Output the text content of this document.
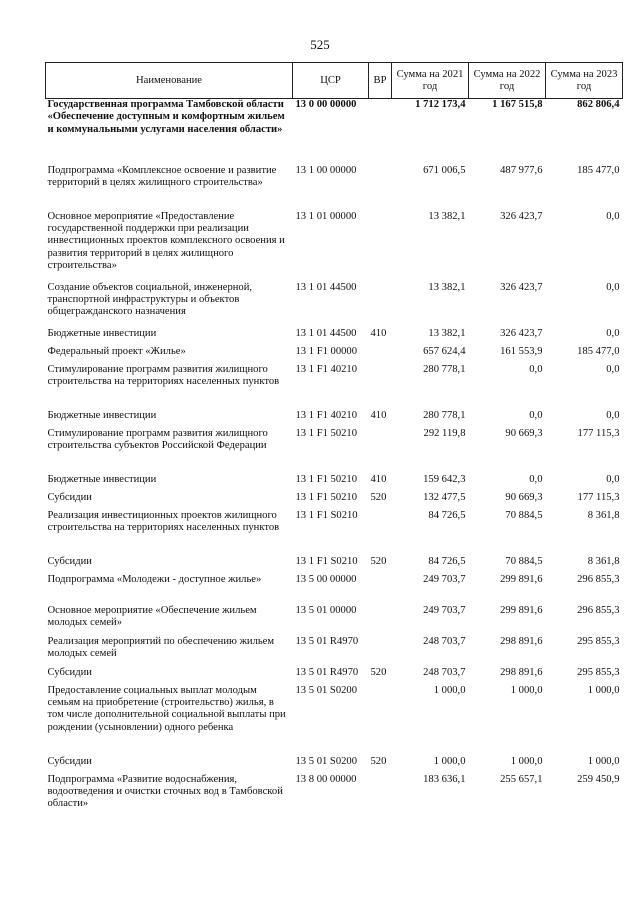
525
Наименование	ЦСР	ВР	Сумма на 2021 год	Сумма на 2022 год	Сумма на 2023 год
Государственная программа Тамбовской области «Обеспечение доступным и комфортным жильем и коммунальными услугами населения области»	13 0 00 00000		1 712 173,4	1 167 515,8	862 806,4
Подпрограмма «Комплексное освоение и развитие территорий в целях жилищного строительства»	13 1 00 00000		671 006,5	487 977,6	185 477,0
Основное мероприятие «Предоставление государственной поддержки при реализации инвестиционных проектов комплексного освоения и развития территорий в целях жилищного строительства»	13 1 01 00000		13 382,1	326 423,7	0,0
Создание объектов социальной, инженерной, транспортной инфраструктуры и объектов общегражданского назначения	13 1 01 44500		13 382,1	326 423,7	0,0
Бюджетные инвестиции	13 1 01 44500	410	13 382,1	326 423,7	0,0
Федеральный проект «Жилье»	13 1 F1 00000		657 624,4	161 553,9	185 477,0
Стимулирование программ развития жилищного строительства на территориях населенных пунктов	13 1 F1 40210		280 778,1	0,0	0,0
Бюджетные инвестиции	13 1 F1 40210	410	280 778,1	0,0	0,0
Стимулирование программ развития жилищного строительства субъектов Российской Федерации	13 1 F1 50210		292 119,8	90 669,3	177 115,3
Бюджетные инвестиции	13 1 F1 50210	410	159 642,3	0,0	0,0
Субсидии	13 1 F1 50210	520	132 477,5	90 669,3	177 115,3
Реализация инвестиционных проектов жилищного строительства на территориях населенных пунктов	13 1 F1 S0210		84 726,5	70 884,5	8 361,8
Субсидии	13 1 F1 S0210	520	84 726,5	70 884,5	8 361,8
Подпрограмма «Молодежи - доступное жилье»	13 5 00 00000		249 703,7	299 891,6	296 855,3
Основное мероприятие «Обеспечение жильем молодых семей»	13 5 01 00000		249 703,7	299 891,6	296 855,3
Реализация мероприятий по обеспечению жильем молодых семей	13 5 01 R4970		248 703,7	298 891,6	295 855,3
Субсидии	13 5 01 R4970	520	248 703,7	298 891,6	295 855,3
Предоставление социальных выплат молодым семьям на приобретение (строительство) жилья, в том числе дополнительной социальной выплаты при рождении (усыновлении) одного ребенка	13 5 01 S0200		1 000,0	1 000,0	1 000,0
Субсидии	13 5 01 S0200	520	1 000,0	1 000,0	1 000,0
Подпрограмма «Развитие водоснабжения, водоотведения и очистки сточных вод в Тамбовской области»	13 8 00 00000		183 636,1	255 657,1	259 450,9
